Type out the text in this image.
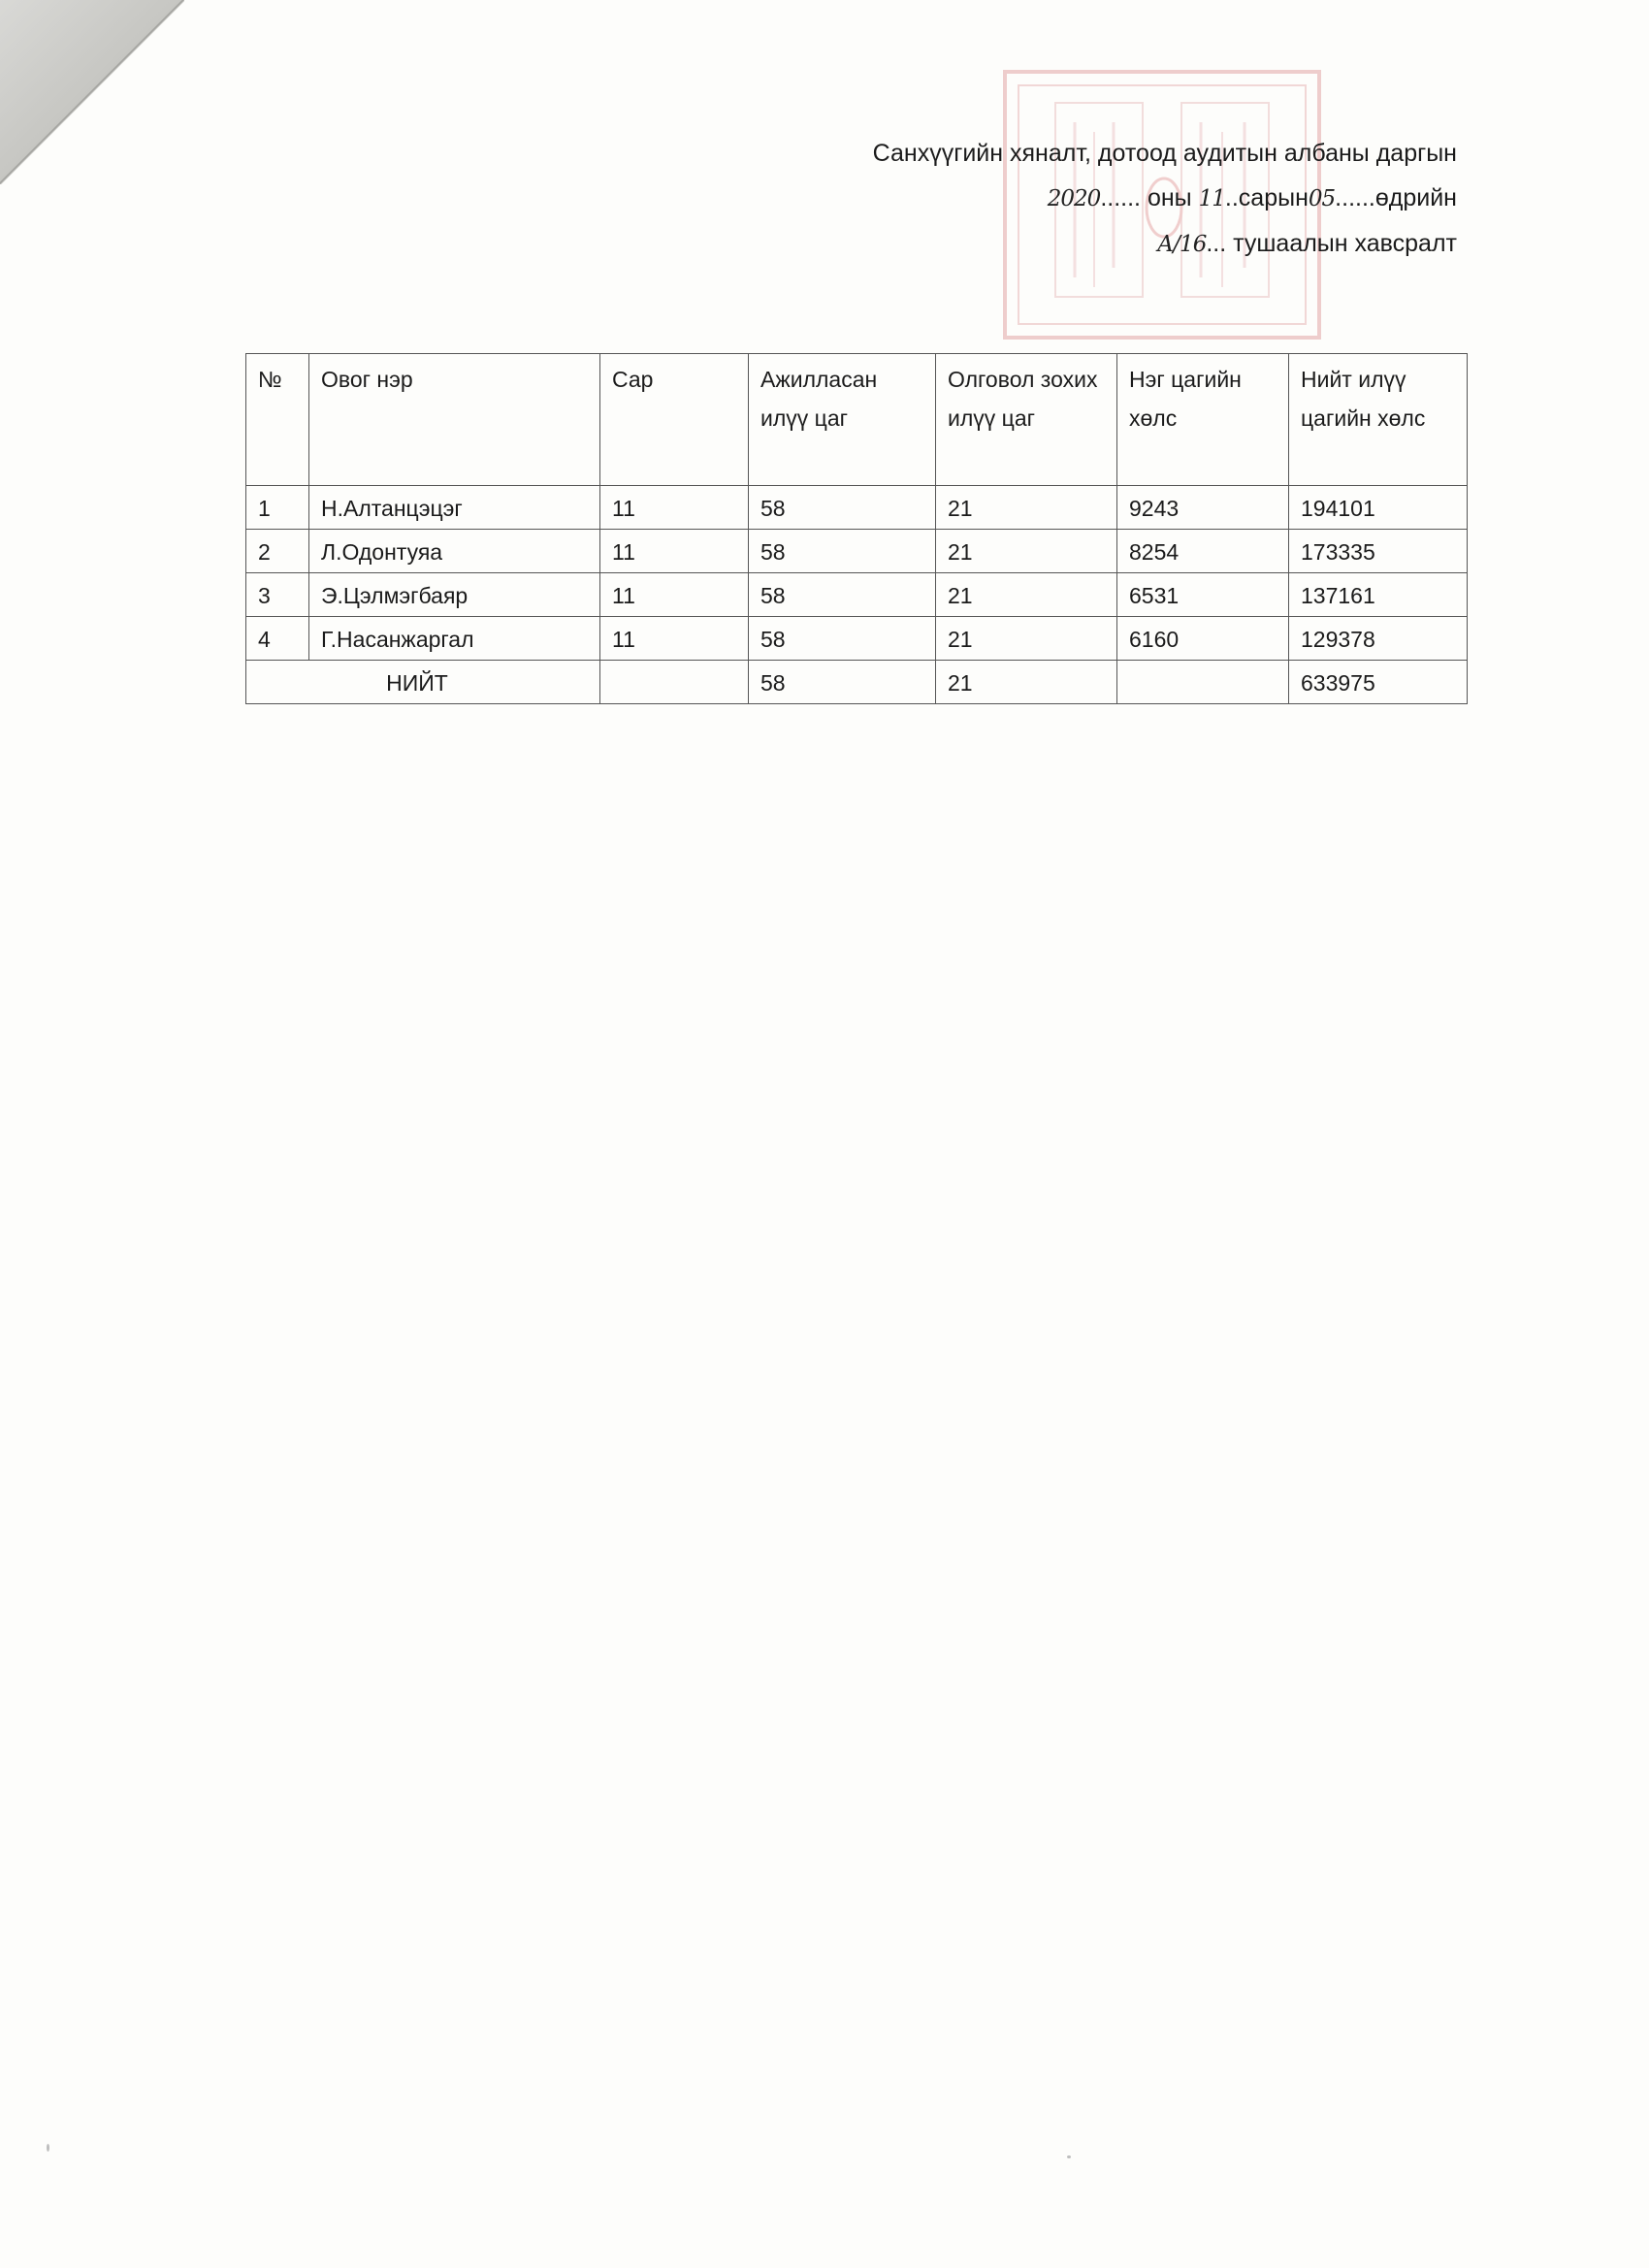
Санхүүгийн хяналт, дотоод аудитын албаны даргын
2020...... оны 11..сарын05......өдрийн
А/16... тушаалын хавсралт
№	Овог нэр	Сар	Ажилласан илүү цаг	Олговол зохих илүү цаг	Нэг цагийн хөлс	Нийт илүү цагийн хөлс
1	Н.Алтанцэцэг	11	58	21	9243	194101
2	Л.Одонтуяа	11	58	21	8254	173335
3	Э.Цэлмэгбаяр	11	58	21	6531	137161
4	Г.Насанжаргал	11	58	21	6160	129378
НИЙТ			58	21		633975
